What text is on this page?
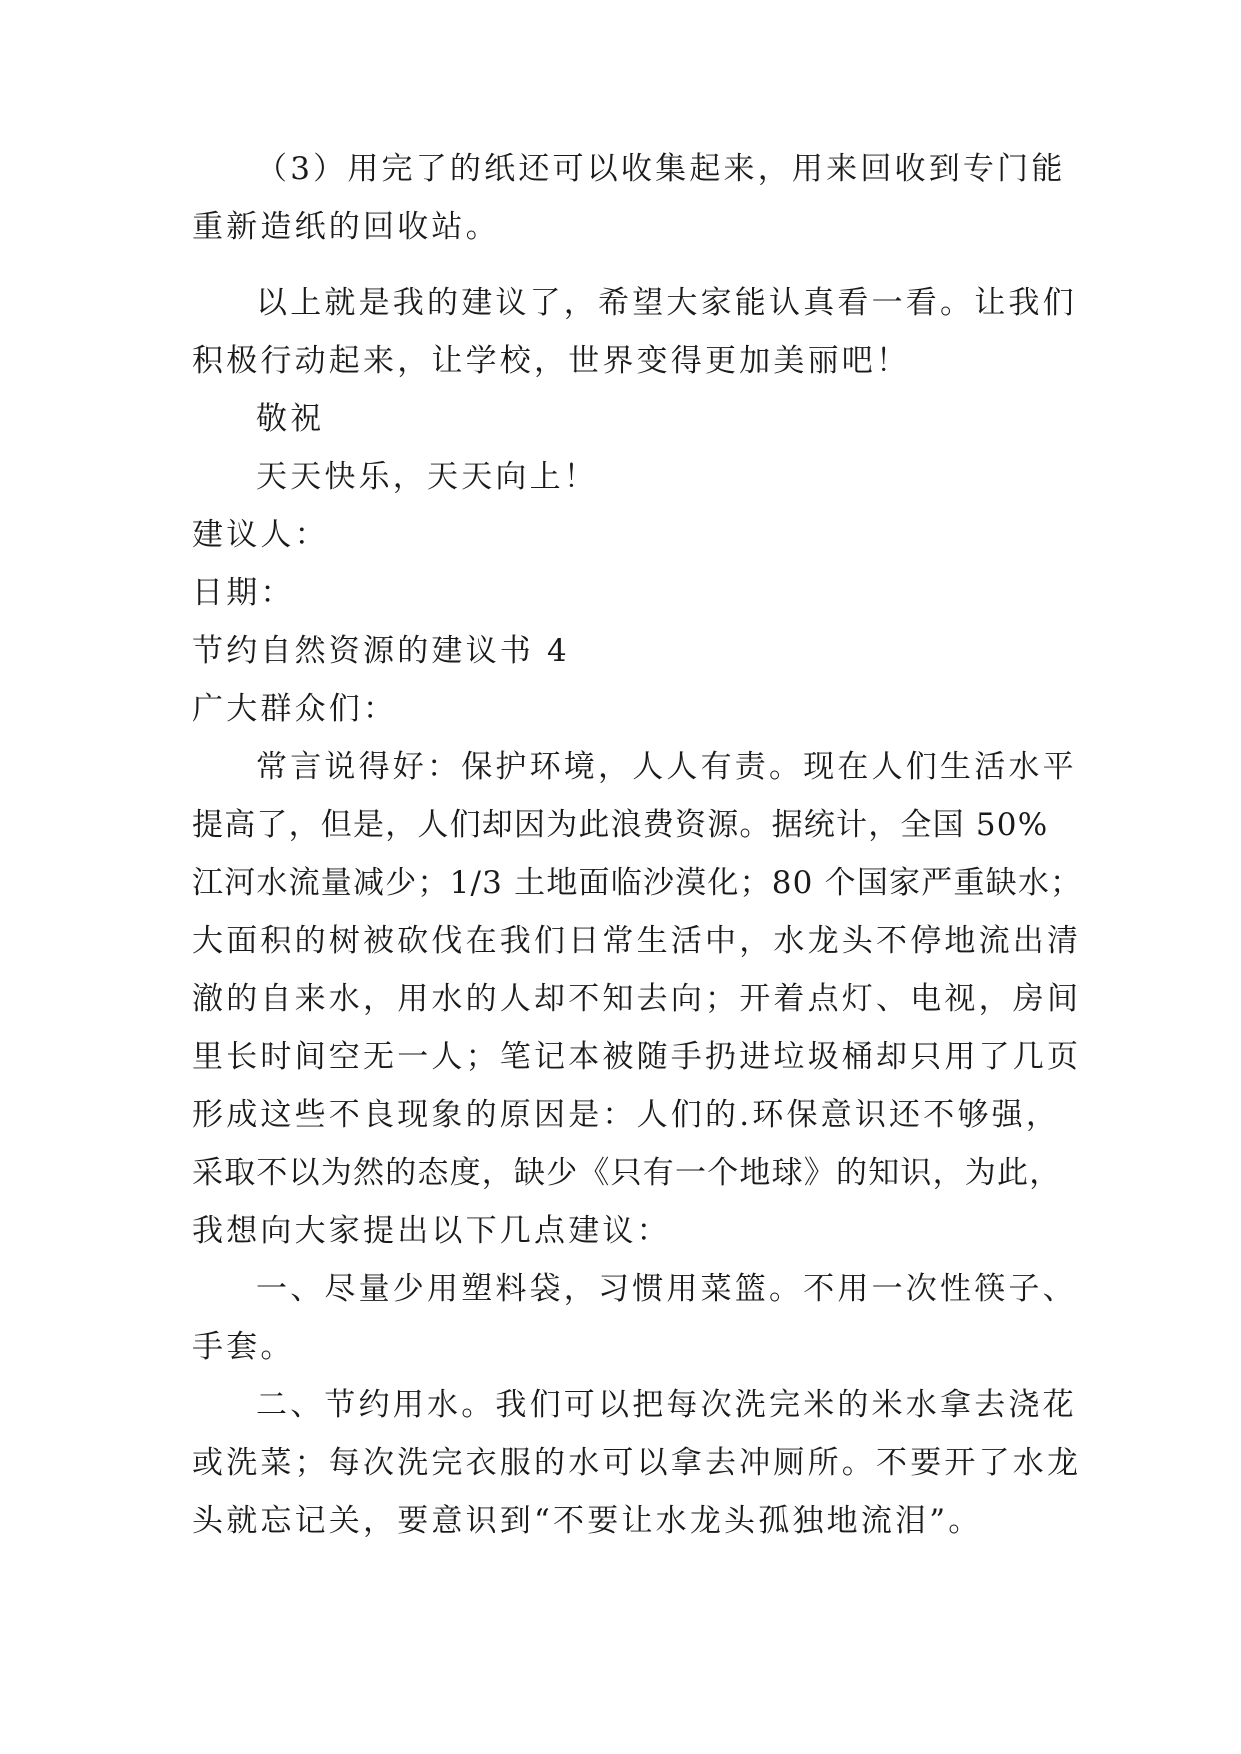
（3）用完了的纸还可以收集起来，用来回收到专门能
重新造纸的回收站。
以上就是我的建议了，希望大家能认真看一看。让我们
积极行动起来，让学校，世界变得更加美丽吧！
敬祝
天天快乐，天天向上！
建议人：
日期：
节约自然资源的建议书 4
广大群众们：
常言说得好：保护环境，人人有责。现在人们生活水平
提高了，但是，人们却因为此浪费资源。据统计，全国 50%
江河水流量减少；1/3 土地面临沙漠化；80 个国家严重缺水；
大面积的树被砍伐在我们日常生活中，水龙头不停地流出清
澈的自来水，用水的人却不知去向；开着点灯、电视，房间
里长时间空无一人；笔记本被随手扔进垃圾桶却只用了几页
形成这些不良现象的原因是：人们的.环保意识还不够强，
采取不以为然的态度，缺少《只有一个地球》的知识，为此，
我想向大家提出以下几点建议：
一、尽量少用塑料袋，习惯用菜篮。不用一次性筷子、
手套。
二、节约用水。我们可以把每次洗完米的米水拿去浇花
或洗菜；每次洗完衣服的水可以拿去冲厕所。不要开了水龙
头就忘记关，要意识到“不要让水龙头孤独地流泪”。
